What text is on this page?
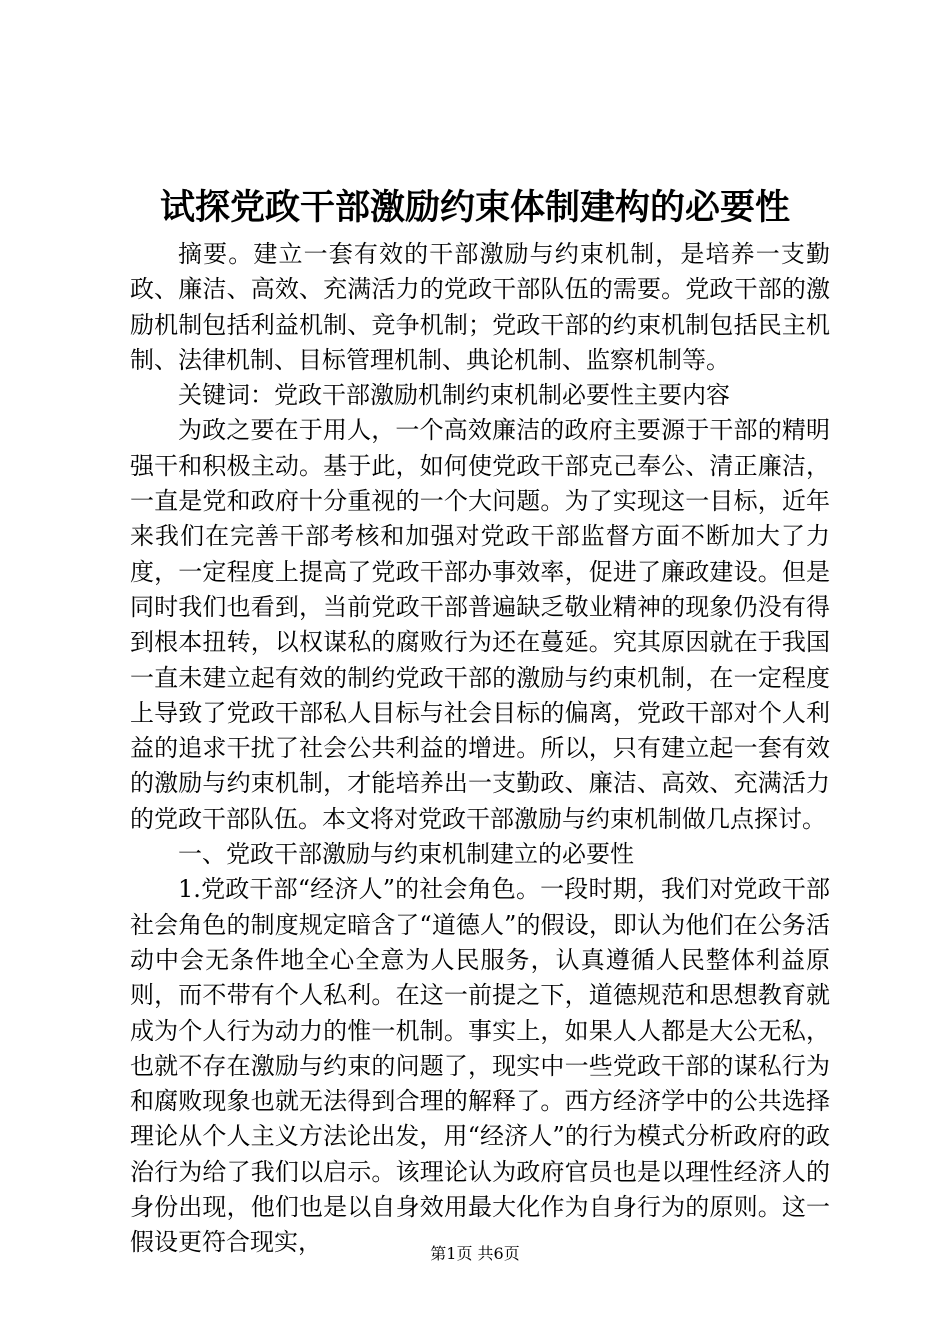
试探党政干部激励约束体制建构的必要性

摘要。建立一套有效的干部激励与约束机制，是培养一支勤政、廉洁、高效、充满活力的党政干部队伍的需要。党政干部的激励机制包括利益机制、竞争机制；党政干部的约束机制包括民主机制、法律机制、目标管理机制、典论机制、监察机制等。

关键词：党政干部激励机制约束机制必要性主要内容

为政之要在于用人，一个高效廉洁的政府主要源于干部的精明强干和积极主动。基于此，如何使党政干部克己奉公、清正廉洁，一直是党和政府十分重视的一个大问题。为了实现这一目标，近年来我们在完善干部考核和加强对党政干部监督方面不断加大了力度，一定程度上提高了党政干部办事效率，促进了廉政建设。但是同时我们也看到，当前党政干部普遍缺乏敬业精神的现象仍没有得到根本扭转，以权谋私的腐败行为还在蔓延。究其原因就在于我国一直未建立起有效的制约党政干部的激励与约束机制，在一定程度上导致了党政干部私人目标与社会目标的偏离，党政干部对个人利益的追求干扰了社会公共利益的增进。所以，只有建立起一套有效的激励与约束机制，才能培养出一支勤政、廉洁、高效、充满活力的党政干部队伍。本文将对党政干部激励与约束机制做几点探讨。

一、党政干部激励与约束机制建立的必要性

1.党政干部“经济人”的社会角色。一段时期，我们对党政干部社会角色的制度规定暗含了“道德人”的假设，即认为他们在公务活动中会无条件地全心全意为人民服务，认真遵循人民整体利益原则，而不带有个人私利。在这一前提之下，道德规范和思想教育就成为个人行为动力的惟一机制。事实上，如果人人都是大公无私，也就不存在激励与约束的问题了，现实中一些党政干部的谋私行为和腐败现象也就无法得到合理的解释了。西方经济学中的公共选择理论从个人主义方法论出发，用“经济人”的行为模式分析政府的政治行为给了我们以启示。该理论认为政府官员也是以理性经济人的身份出现，他们也是以自身效用最大化作为自身行为的原则。这一假设更符合现实，	第1页 共6页
